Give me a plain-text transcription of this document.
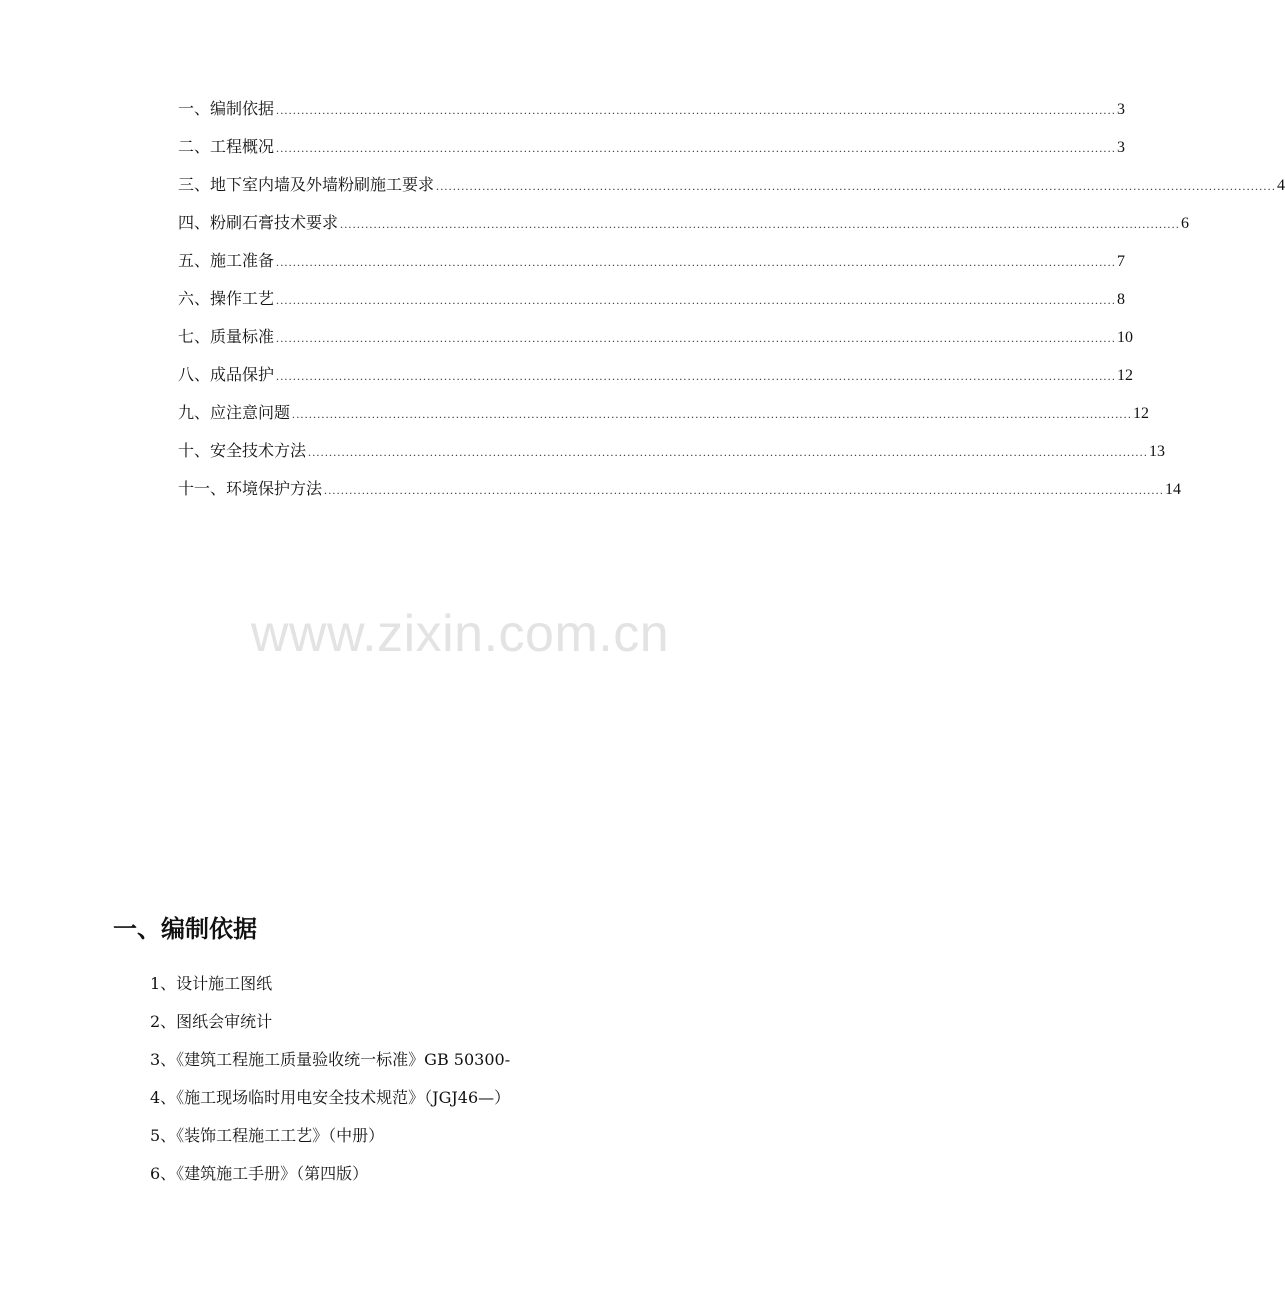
一、编制依据 ........................................................................................................................................................................................................ 3
二、工程概况 ........................................................................................................................................................................................................ 3
三、地下室内墙及外墙粉刷施工要求 ........................................................................................................................................................................................................ 4
四、粉刷石膏技术要求 ........................................................................................................................................................................................................ 6
五、施工准备 ........................................................................................................................................................................................................ 7
六、操作工艺 ........................................................................................................................................................................................................ 8
七、质量标准 ........................................................................................................................................................................................................ 10
八、成品保护 ........................................................................................................................................................................................................ 12
九、应注意问题 ........................................................................................................................................................................................................ 12
十、安全技术方法 ........................................................................................................................................................................................................ 13
十一、环境保护方法 ........................................................................................................................................................................................................ 14
www.zixin.com.cn
一、编制依据
1、设计施工图纸
2、图纸会审统计
3、《建筑工程施工质量验收统一标准》GB 50300-
4、《施工现场临时用电安全技术规范》（JGJ46—）
5、《装饰工程施工工艺》（中册）
6、《建筑施工手册》（第四版）
